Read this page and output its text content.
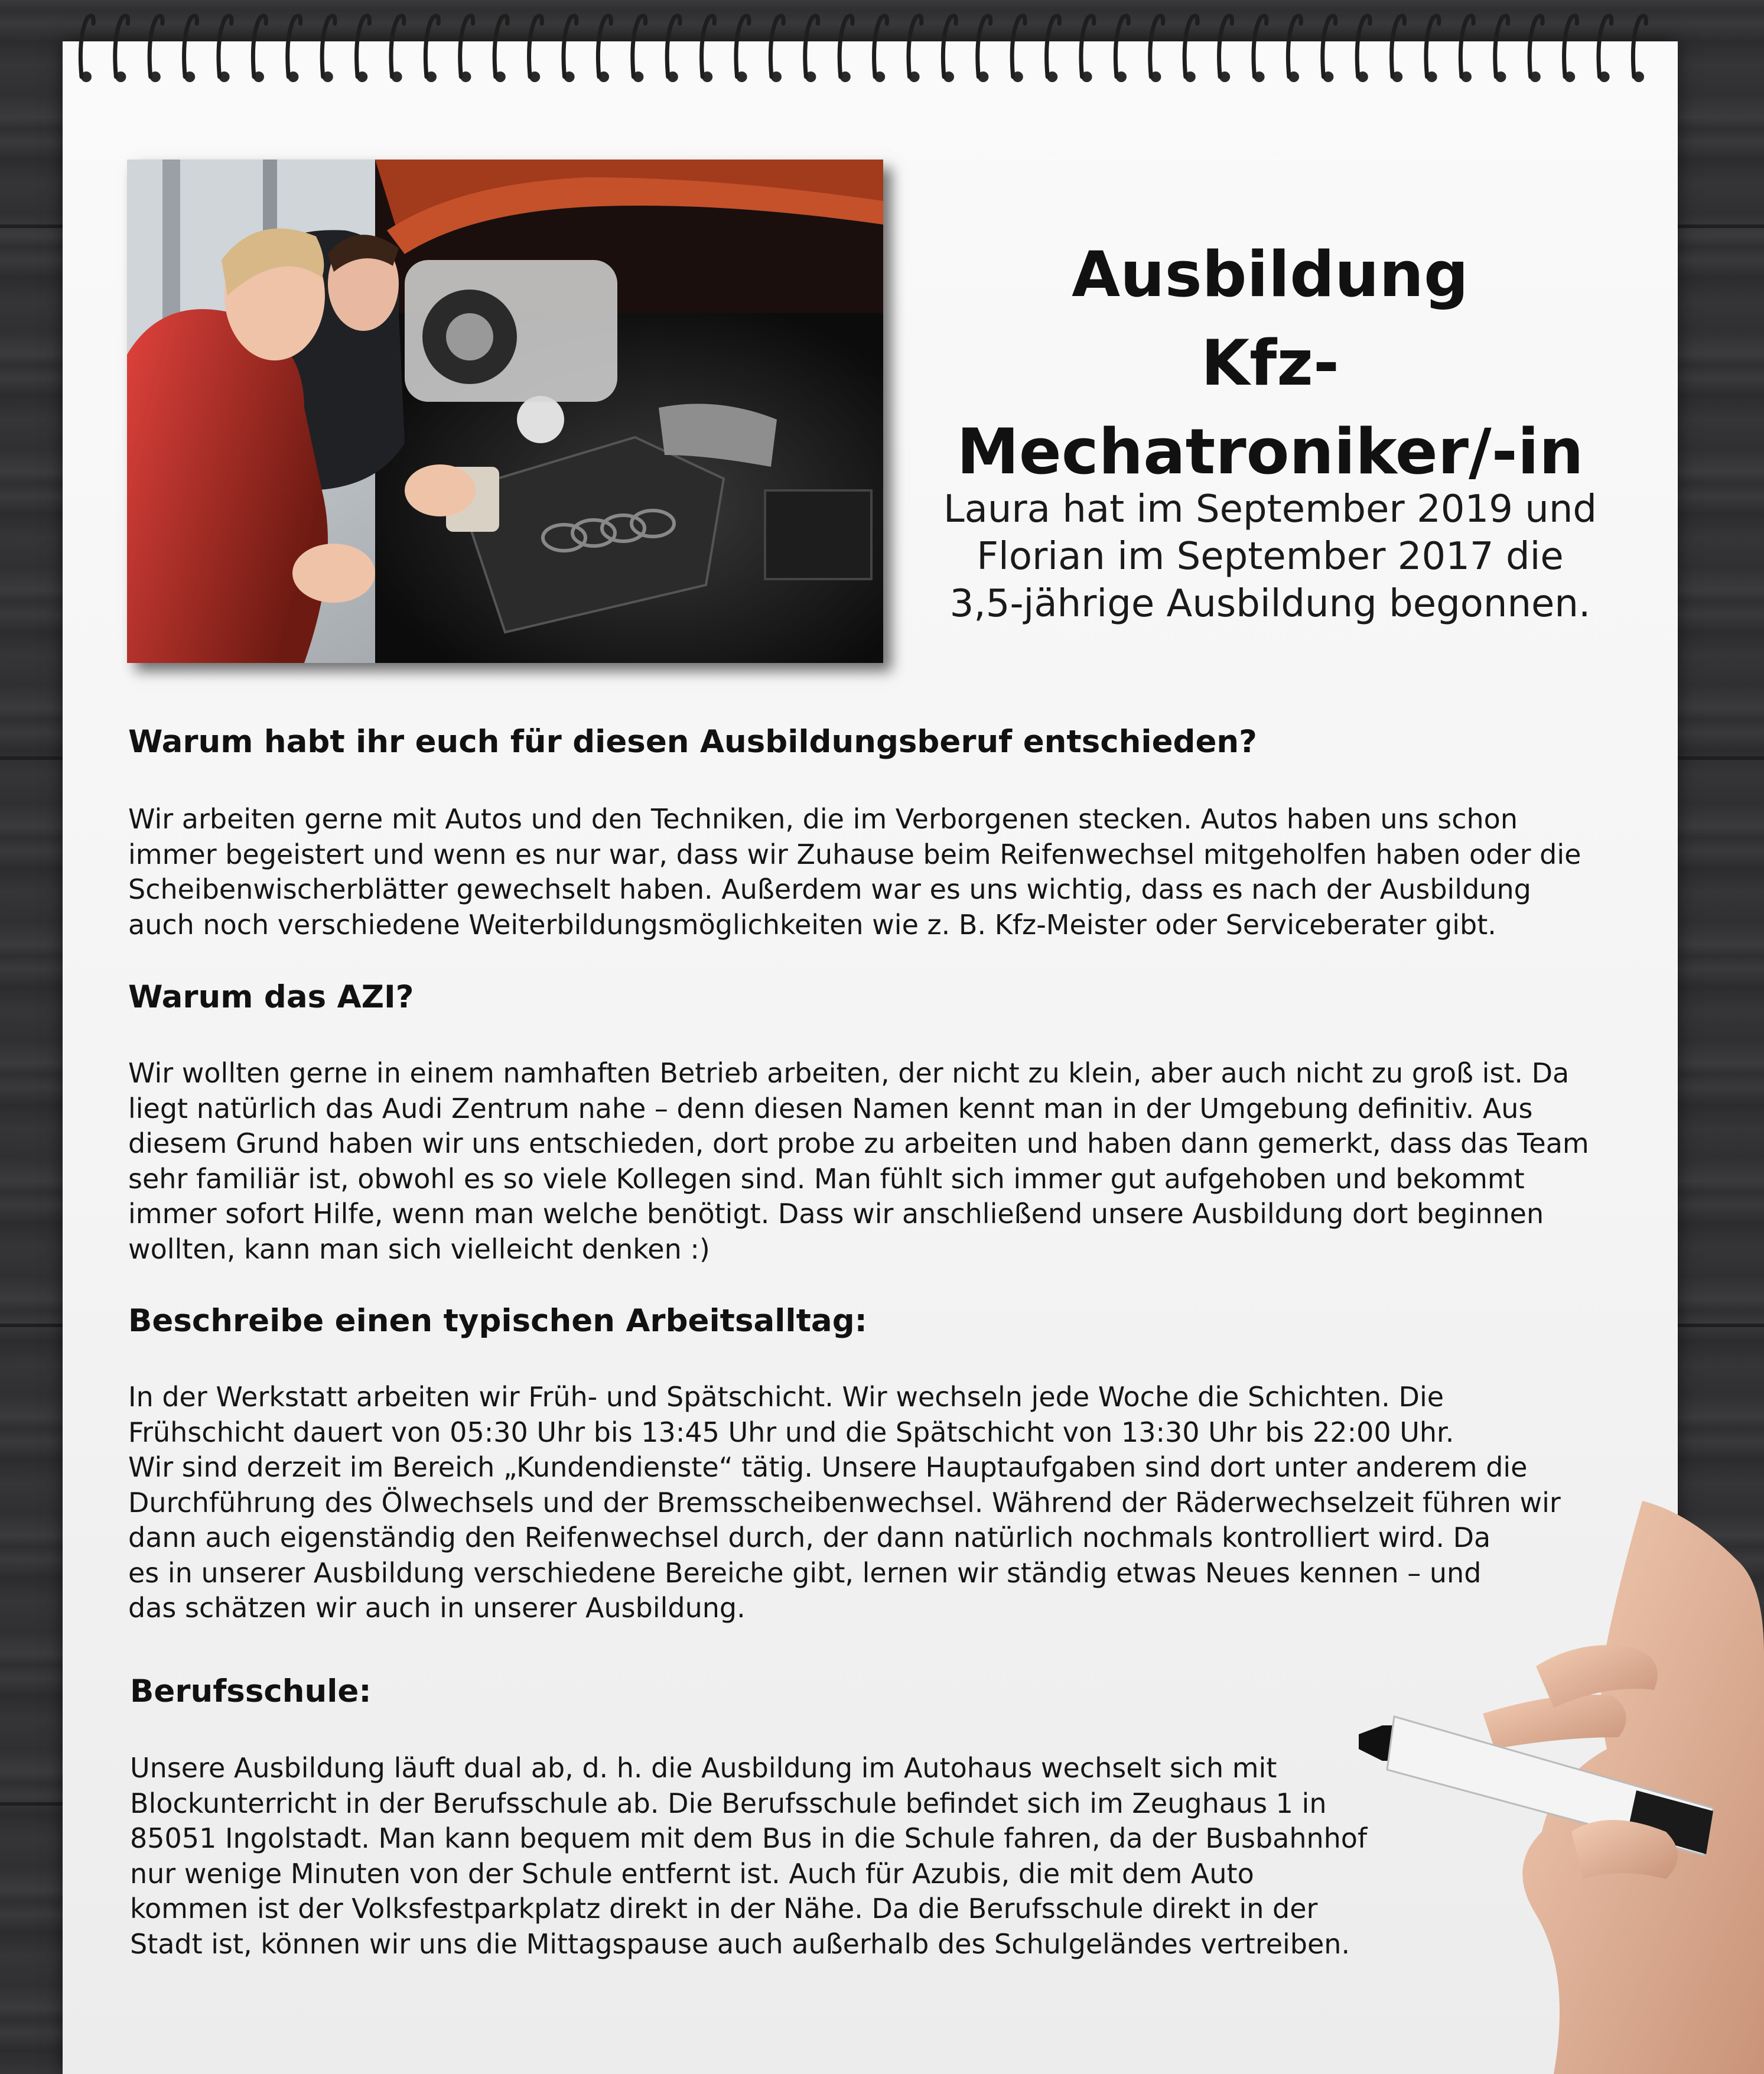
Ausbildung
Kfz-
Mechatroniker/-in

Laura hat im September 2019 und
Florian im September 2017 die
3,5-jährige Ausbildung begonnen.

Warum habt ihr euch für diesen Ausbildungsberuf entschieden?

Wir arbeiten gerne mit Autos und den Techniken, die im Verborgenen stecken. Autos haben uns schon
immer begeistert und wenn es nur war, dass wir Zuhause beim Reifenwechsel mitgeholfen haben oder die
Scheibenwischerblätter gewechselt haben. Außerdem war es uns wichtig, dass es nach der Ausbildung
auch noch verschiedene Weiterbildungsmöglichkeiten wie z. B. Kfz-Meister oder Serviceberater gibt.

Warum das AZI?

Wir wollten gerne in einem namhaften Betrieb arbeiten, der nicht zu klein, aber auch nicht zu groß ist. Da
liegt natürlich das Audi Zentrum nahe – denn diesen Namen kennt man in der Umgebung definitiv. Aus
diesem Grund haben wir uns entschieden, dort probe zu arbeiten und haben dann gemerkt, dass das Team
sehr familiär ist, obwohl es so viele Kollegen sind. Man fühlt sich immer gut aufgehoben und bekommt
immer sofort Hilfe, wenn man welche benötigt. Dass wir anschließend unsere Ausbildung dort beginnen
wollten, kann man sich vielleicht denken :)

Beschreibe einen typischen Arbeitsalltag:

In der Werkstatt arbeiten wir Früh- und Spätschicht. Wir wechseln jede Woche die Schichten. Die
Frühschicht dauert von 05:30 Uhr bis 13:45 Uhr und die Spätschicht von 13:30 Uhr bis 22:00 Uhr.
Wir sind derzeit im Bereich „Kundendienste“ tätig. Unsere Hauptaufgaben sind dort unter anderem die
Durchführung des Ölwechsels und der Bremsscheibenwechsel. Während der Räderwechselzeit führen wir
dann auch eigenständig den Reifenwechsel durch, der dann natürlich nochmals kontrolliert wird. Da
es in unserer Ausbildung verschiedene Bereiche gibt, lernen wir ständig etwas Neues kennen – und
das schätzen wir auch in unserer Ausbildung.

Berufsschule:

Unsere Ausbildung läuft dual ab, d. h. die Ausbildung im Autohaus wechselt sich mit
Blockunterricht in der Berufsschule ab. Die Berufsschule befindet sich im Zeughaus 1 in
85051 Ingolstadt. Man kann bequem mit dem Bus in die Schule fahren, da der Busbahnhof
nur wenige Minuten von der Schule entfernt ist. Auch für Azubis, die mit dem Auto
kommen ist der Volksfestparkplatz direkt in der Nähe. Da die Berufsschule direkt in der
Stadt ist, können wir uns die Mittagspause auch außerhalb des Schulgeländes vertreiben.
